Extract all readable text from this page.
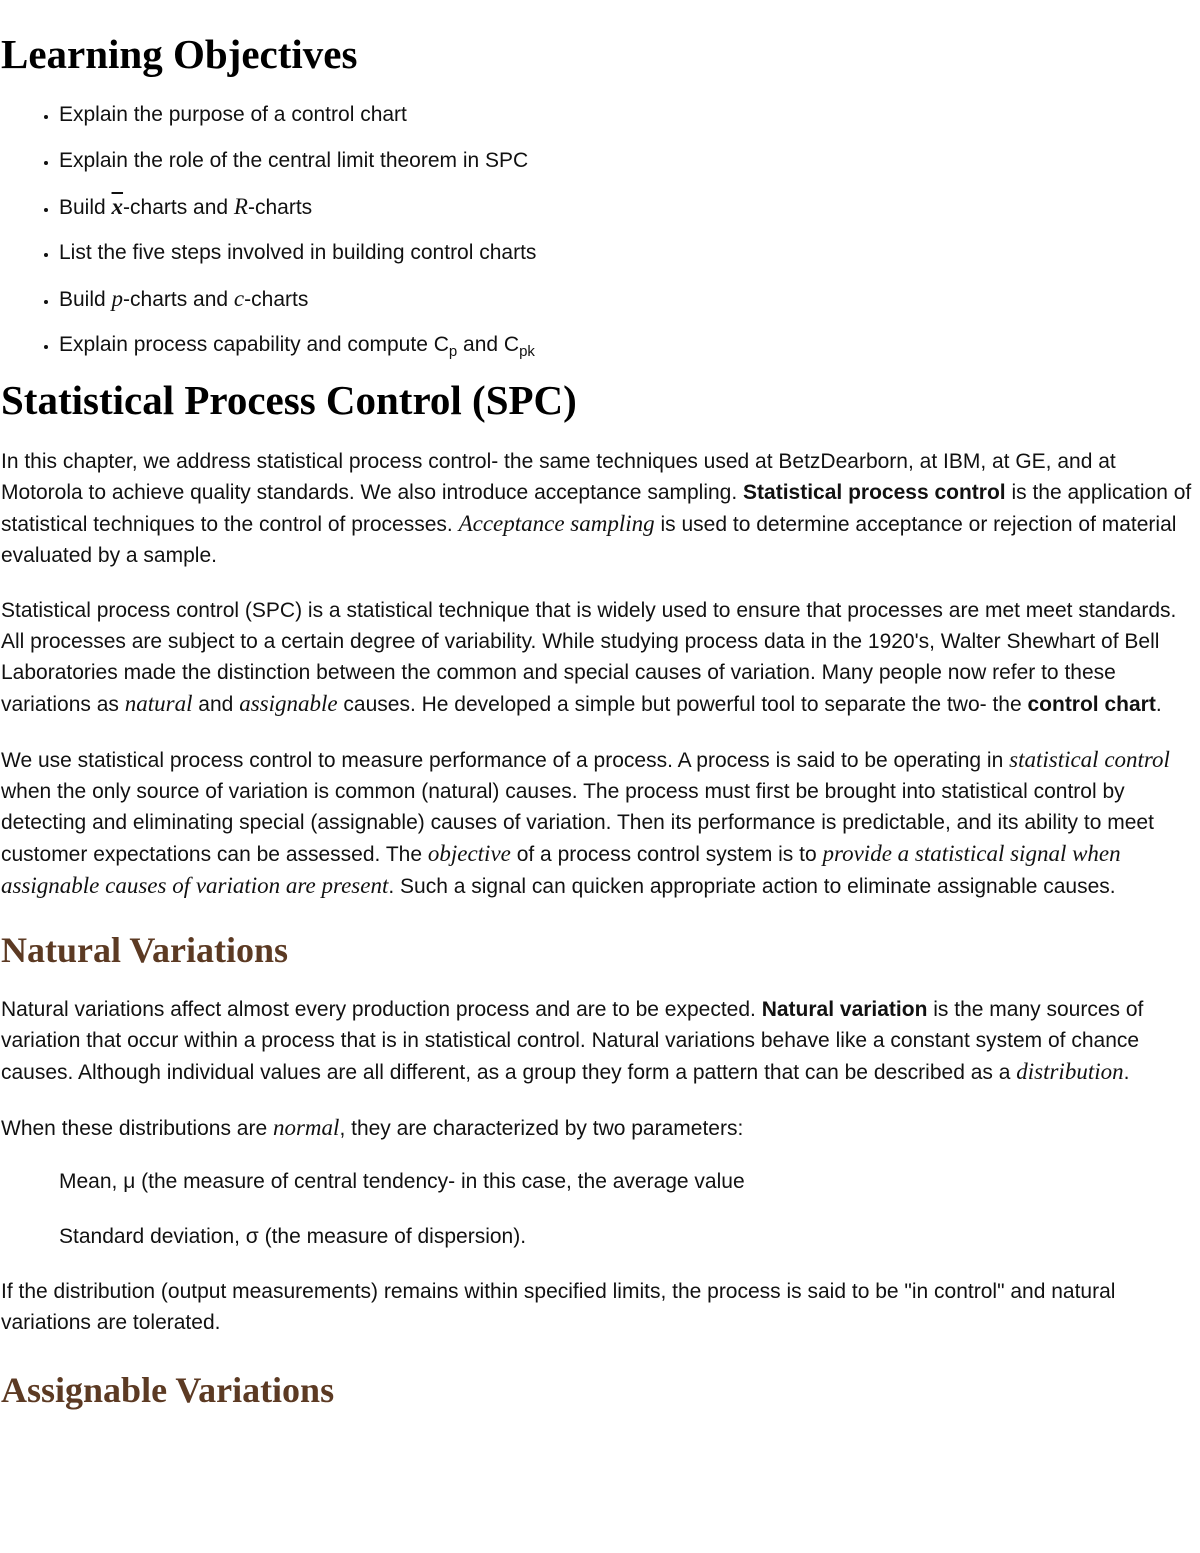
Learning Objectives
• Explain the purpose of a control chart
• Explain the role of the central limit theorem in SPC
• Build $\overline{x}$-charts and R-charts
• List the five steps involved in building control charts
• Build p-charts and c-charts
• Explain process capability and compute $C_p$ and $C_{pk}$
Statistical Process Control (SPC)

In this chapter, we address statistical process control- the same techniques used at BetzDearborn, at IBM, at GE, and at Motorola to achieve quality standards. We also introduce acceptance sampling. Statistical process control is the application of statistical techniques to the control of processes. Acceptance sampling is used to determine acceptance or rejection of material evaluated by a sample.

Statistical process control (SPC) is a statistical technique that is widely used to ensure that processes are met meet standards. All processes are subject to a certain degree of variability. While studying process data in the 1920's, Walter Shewhart of Bell Laboratories made the distinction between the common and special causes of variation. Many people now refer to these variations as natural and assignable causes. He developed a simple but powerful tool to separate the two- the control chart.

We use statistical process control to measure performance of a process. A process is said to be operating in statistical control when the only source of variation is common (natural) causes. The process must first be brought into statistical control by detecting and eliminating special (assignable) causes of variation. Then its performance is predictable, and its ability to meet customer expectations can be assessed. The objective of a process control system is to provide a statistical signal when assignable causes of variation are present. Such a signal can quicken appropriate action to eliminate assignable causes.

Natural Variations

Natural variations affect almost every production process and are to be expected. Natural variation is the many sources of variation that occur within a process that is in statistical control. Natural variations behave like a constant system of chance causes. Although individual values are all different, as a group they form a pattern that can be described as a distribution.

When these distributions are normal, they are characterized by two parameters:

Mean, μ (the measure of central tendency- in this case, the average value

Standard deviation, σ (the measure of dispersion).

If the distribution (output measurements) remains within specified limits, the process is said to be "in control" and natural variations are tolerated.

Assignable Variations
